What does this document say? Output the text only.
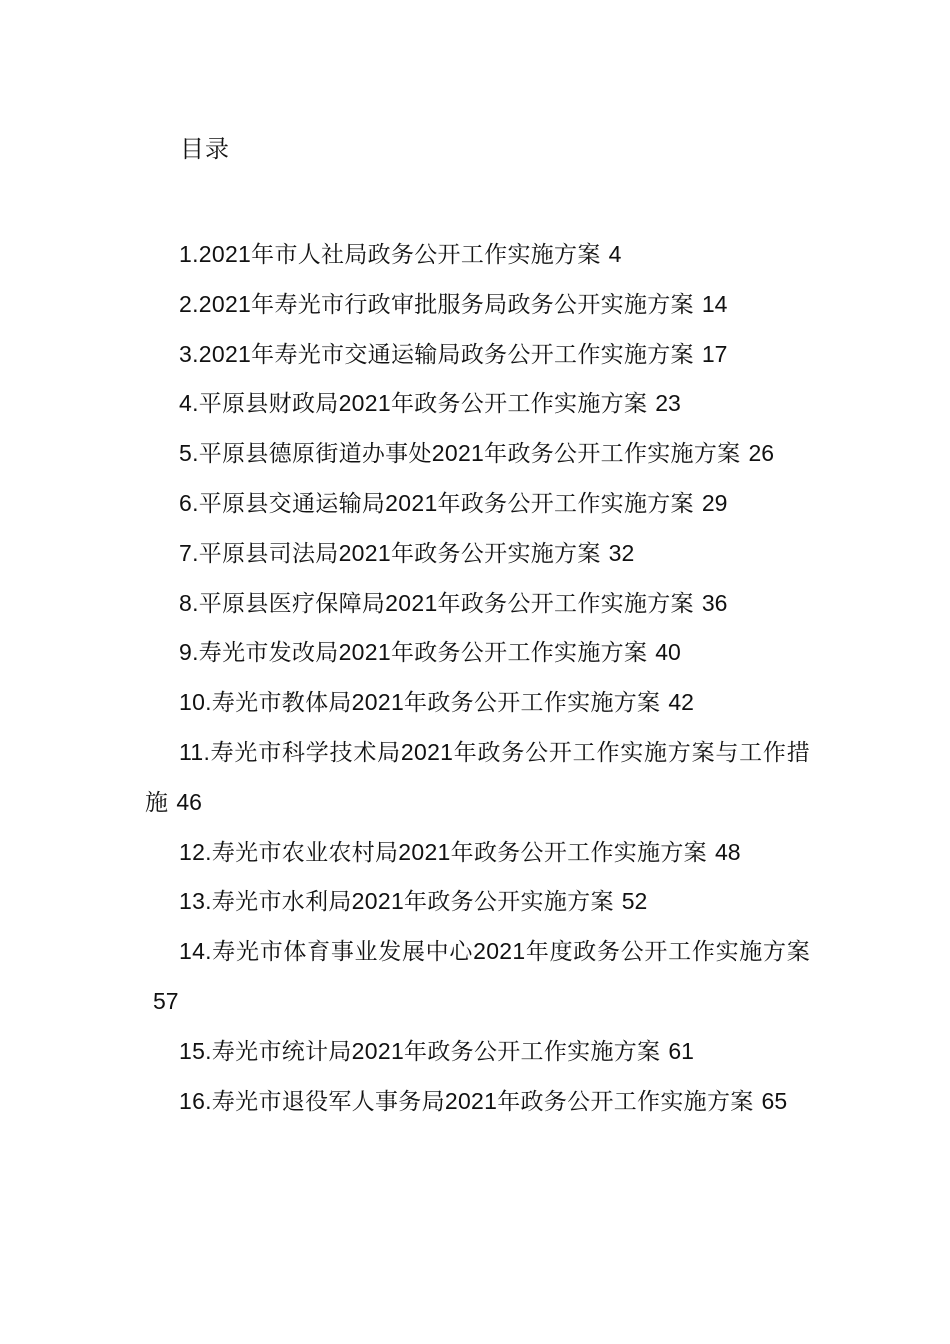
目录
1.2021年市人社局政务公开工作实施方案 4
2.2021年寿光市行政审批服务局政务公开实施方案 14
3.2021年寿光市交通运输局政务公开工作实施方案 17
4.平原县财政局2021年政务公开工作实施方案 23
5.平原县德原街道办事处2021年政务公开工作实施方案 26
6.平原县交通运输局2021年政务公开工作实施方案 29
7.平原县司法局2021年政务公开实施方案 32
8.平原县医疗保障局2021年政务公开工作实施方案 36
9.寿光市发改局2021年政务公开工作实施方案 40
10.寿光市教体局2021年政务公开工作实施方案 42
11.寿光市科学技术局2021年政务公开工作实施方案与工作措施 46
12.寿光市农业农村局2021年政务公开工作实施方案 48
13.寿光市水利局2021年政务公开实施方案 52
14.寿光市体育事业发展中心2021年度政务公开工作实施方案57
15.寿光市统计局2021年政务公开工作实施方案 61
16.寿光市退役军人事务局2021年政务公开工作实施方案 65
